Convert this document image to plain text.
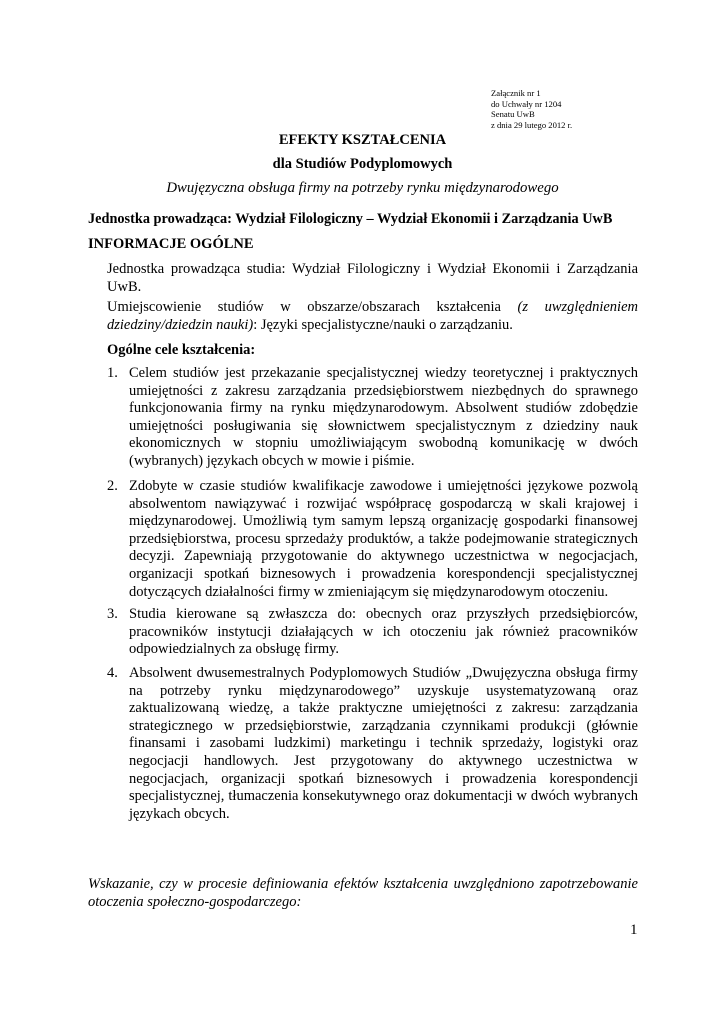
Załącznik nr 1
do Uchwały nr 1204
Senatu UwB
z dnia 29 lutego 2012 r.
EFEKTY KSZTAŁCENIA
dla Studiów Podyplomowych
Dwujęzyczna obsługa firmy na potrzeby rynku międzynarodowego
Jednostka prowadząca: Wydział Filologiczny – Wydział Ekonomii i Zarządzania UwB
INFORMACJE OGÓLNE
Jednostka prowadząca studia: Wydział Filologiczny i Wydział Ekonomii i Zarządzania UwB.
Umiejscowienie studiów w obszarze/obszarach kształcenia (z uwzględnieniem dziedziny/dziedzin nauki): Języki specjalistyczne/nauki o zarządzaniu.
Ogólne cele kształcenia:
1. Celem studiów jest przekazanie specjalistycznej wiedzy teoretycznej i praktycznych umiejętności z zakresu zarządzania przedsiębiorstwem niezbędnych do sprawnego funkcjonowania firmy na rynku międzynarodowym. Absolwent studiów zdobędzie umiejętności posługiwania się słownictwem specjalistycznym z dziedziny nauk ekonomicznych w stopniu umożliwiającym swobodną komunikację w dwóch (wybranych) językach obcych w mowie i piśmie.
2. Zdobyte w czasie studiów kwalifikacje zawodowe i umiejętności językowe pozwolą absolwentom nawiązywać i rozwijać współpracę gospodarczą w skali krajowej i międzynarodowej. Umożliwią tym samym lepszą organizację gospodarki finansowej przedsiębiorstwa, procesu sprzedaży produktów, a także podejmowanie strategicznych decyzji. Zapewniają przygotowanie do aktywnego uczestnictwa w negocjacjach, organizacji spotkań biznesowych i prowadzenia korespondencji specjalistycznej dotyczących działalności firmy w zmieniającym się międzynarodowym otoczeniu.
3. Studia kierowane są zwłaszcza do: obecnych oraz przyszłych przedsiębiorców, pracowników instytucji działających w ich otoczeniu jak również pracowników odpowiedzialnych za obsługę firmy.
4. Absolwent dwusemestralnych Podyplomowych Studiów „Dwujęzyczna obsługa firmy na potrzeby rynku międzynarodowego” uzyskuje usystematyzowaną oraz zaktualizowaną wiedzę, a także praktyczne umiejętności z zakresu: zarządzania strategicznego w przedsiębiorstwie, zarządzania czynnikami produkcji (głównie finansami i zasobami ludzkimi) marketingu i technik sprzedaży, logistyki oraz negocjacji handlowych. Jest przygotowany do aktywnego uczestnictwa w negocjacjach, organizacji spotkań biznesowych i prowadzenia korespondencji specjalistycznej, tłumaczenia konsekutywnego oraz dokumentacji w dwóch wybranych językach obcych.
Wskazanie, czy w procesie definiowania efektów kształcenia uwzględniono zapotrzebowanie otoczenia społeczno-gospodarczego:
1
